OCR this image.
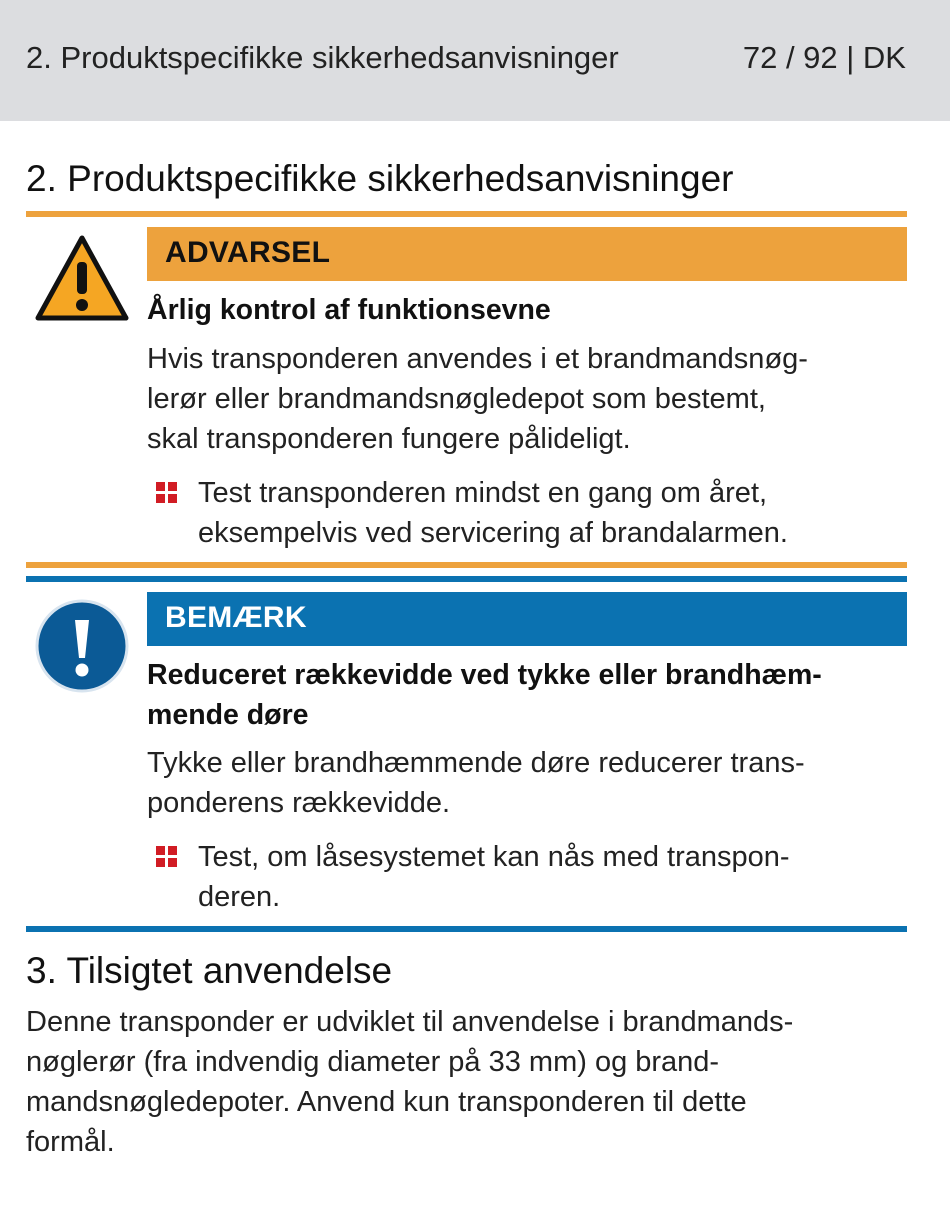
2. Produktspecifikke sikkerhedsanvisninger	72 / 92 | DK
2. Produktspecifikke sikkerhedsanvisninger
ADVARSEL
Årlig kontrol af funktionsevne
Hvis transponderen anvendes i et brandmandsnøg-
lerør eller brandmandsnøgledepot som bestemt,
skal transponderen fungere pålideligt.
Test transponderen mindst en gang om året,
eksempelvis ved servicering af brandalarmen.
BEMÆRK
Reduceret rækkevidde ved tykke eller brandhæm-
mende døre
Tykke eller brandhæmmende døre reducerer trans-
ponderens rækkevidde.
Test, om låsesystemet kan nås med transpon-
deren.
3. Tilsigtet anvendelse
Denne transponder er udviklet til anvendelse i brandmands-
nøglerør (fra indvendig diameter på 33 mm) og brand-
mandsnøgledepoter. Anvend kun transponderen til dette
formål.
